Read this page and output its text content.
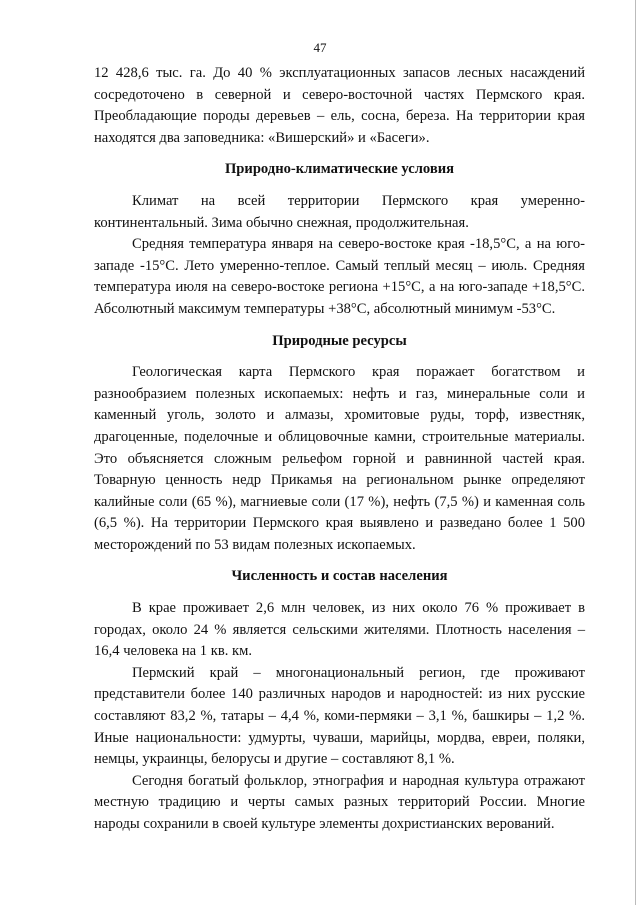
47

12 428,6 тыс. га. До 40 % эксплуатационных запасов лесных насаждений сосредоточено в северной и северо-восточной частях Пермского края. Преобладающие породы деревьев – ель, сосна, береза. На территории края находятся два заповедника: «Вишерский» и «Басеги».

Природно-климатические условия

Климат на всей территории Пермского края умеренно-континентальный. Зима обычно снежная, продолжительная.

Средняя температура января на северо-востоке края -18,5°С, а на юго-западе -15°С. Лето умеренно-теплое. Самый теплый месяц – июль. Средняя температура июля на северо-востоке региона +15°С, а на юго-западе +18,5°С. Абсолютный максимум температуры +38°С, абсолютный минимум -53°С.

Природные ресурсы

Геологическая карта Пермского края поражает богатством и разнообразием полезных ископаемых: нефть и газ, минеральные соли и каменный уголь, золото и алмазы, хромитовые руды, торф, известняк, драгоценные, поделочные и облицовочные камни, строительные материалы. Это объясняется сложным рельефом горной и равнинной частей края. Товарную ценность недр Прикамья на региональном рынке определяют калийные соли (65 %), магниевые соли (17 %), нефть (7,5 %) и каменная соль (6,5 %). На территории Пермского края выявлено и разведано более 1 500 месторождений по 53 видам полезных ископаемых.

Численность и состав населения

В крае проживает 2,6 млн человек, из них около 76 % проживает в городах, около 24 % является сельскими жителями. Плотность населения – 16,4 человека на 1 кв. км.

Пермский край – многонациональный регион, где проживают представители более 140 различных народов и народностей: из них русские составляют 83,2 %, татары – 4,4 %, коми-пермяки – 3,1 %, башкиры – 1,2 %. Иные национальности: удмурты, чуваши, марийцы, мордва, евреи, поляки, немцы, украинцы, белорусы и другие – составляют 8,1 %.

Сегодня богатый фольклор, этнография и народная культура отражают местную традицию и черты самых разных территорий России. Многие народы сохранили в своей культуре элементы дохристианских верований.
